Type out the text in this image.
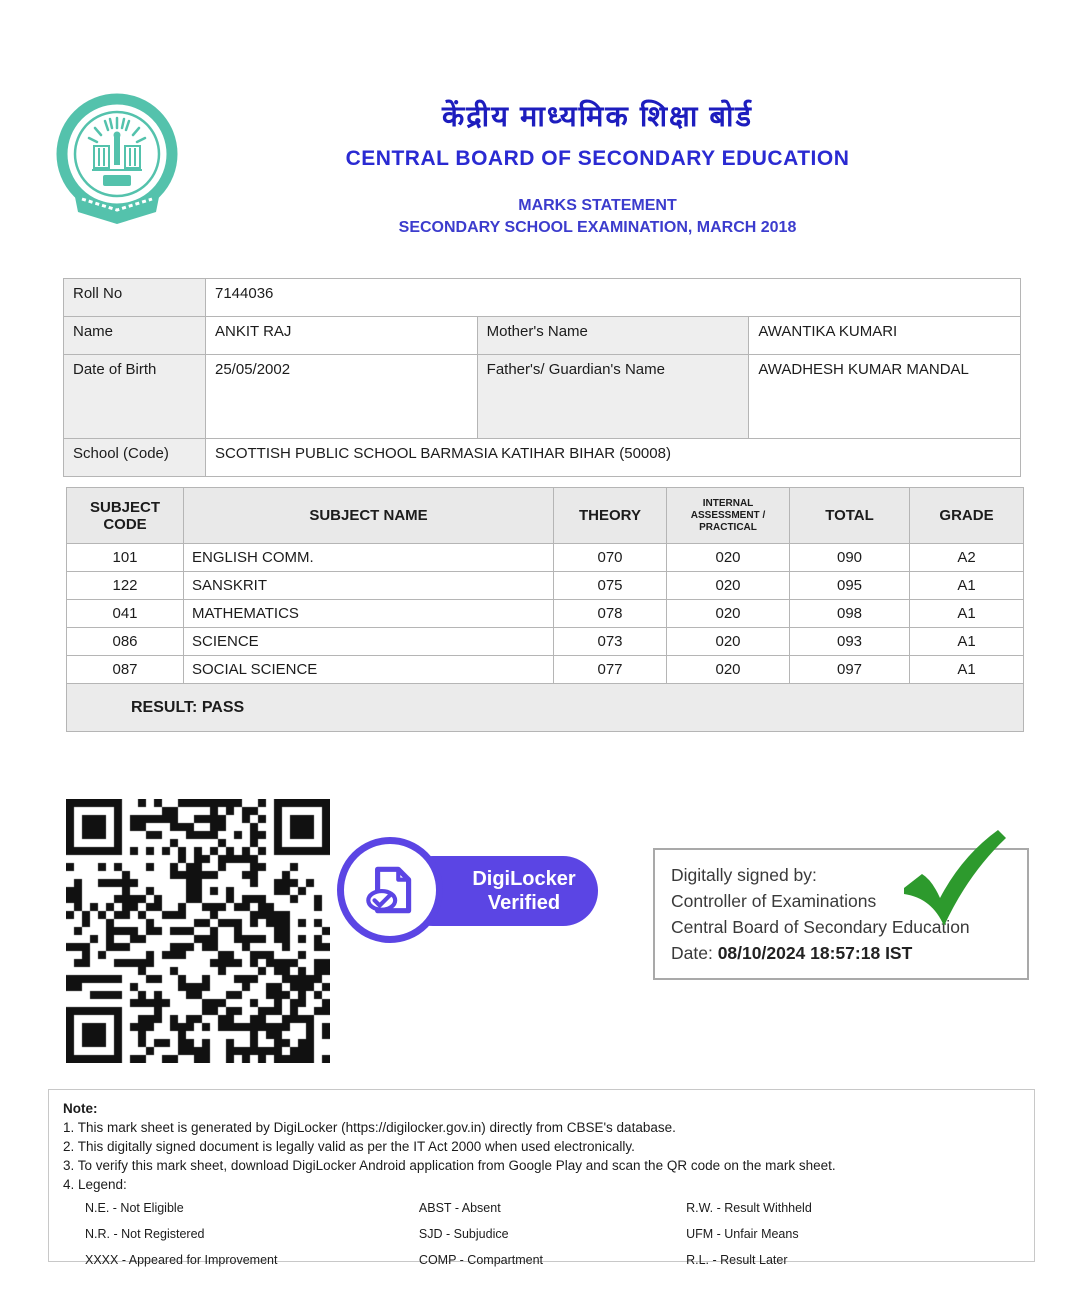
केंद्रीय माध्यमिक शिक्षा बोर्ड
CENTRAL BOARD OF SECONDARY EDUCATION
MARKS STATEMENT
SECONDARY SCHOOL EXAMINATION, MARCH 2018
Roll No	7144036		
Name	ANKIT RAJ	Mother's Name	AWANTIKA KUMARI
Date of Birth	25/05/2002	Father's/ Guardian's Name	AWADHESH KUMAR MANDAL
School (Code)	SCOTTISH PUBLIC SCHOOL BARMASIA KATIHAR BIHAR (50008)		
SUBJECT CODE	SUBJECT NAME	THEORY	INTERNAL ASSESSMENT / PRACTICAL	TOTAL	GRADE
101	ENGLISH COMM.	070	020	090	A2
122	SANSKRIT	075	020	095	A1
041	MATHEMATICS	078	020	098	A1
086	SCIENCE	073	020	093	A1
087	SOCIAL SCIENCE	077	020	097	A1
RESULT: PASS					
DigiLocker
Verified
Digitally signed by:
Controller of Examinations
Central Board of Secondary Education
Date: 08/10/2024 18:57:18 IST
Note:
1. This mark sheet is generated by DigiLocker (https://digilocker.gov.in) directly from CBSE's database.
2. This digitally signed document is legally valid as per the IT Act 2000 when used electronically.
3. To verify this mark sheet, download DigiLocker Android application from Google Play and scan the QR code on the mark sheet.
4. Legend:
N.E. - Not Eligible
N.R. - Not Registered
XXXX - Appeared for Improvement
ABST - Absent
SJD - Subjudice
COMP - Compartment
R.W. - Result Withheld
UFM - Unfair Means
R.L. - Result Later
